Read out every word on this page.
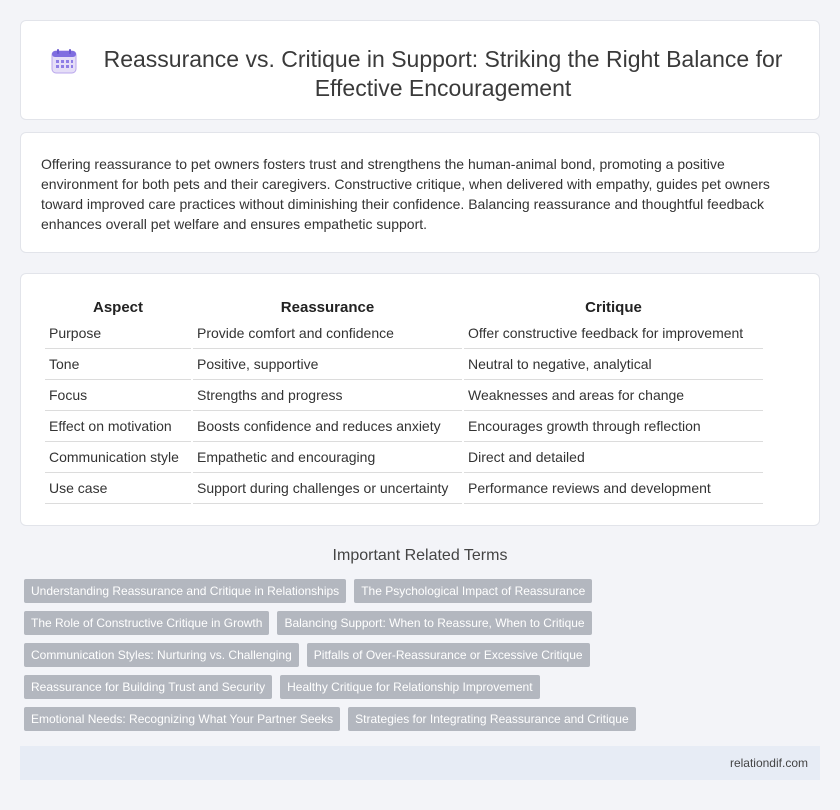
Reassurance vs. Critique in Support: Striking the Right Balance for Effective Encouragement

Offering reassurance to pet owners fosters trust and strengthens the human-animal bond, promoting a positive environment for both pets and their caregivers. Constructive critique, when delivered with empathy, guides pet owners toward improved care practices without diminishing their confidence. Balancing reassurance and thoughtful feedback enhances overall pet welfare and ensures empathetic support.

Aspect	Reassurance	Critique
Purpose	Provide comfort and confidence	Offer constructive feedback for improvement
Tone	Positive, supportive	Neutral to negative, analytical
Focus	Strengths and progress	Weaknesses and areas for change
Effect on motivation	Boosts confidence and reduces anxiety	Encourages growth through reflection
Communication style	Empathetic and encouraging	Direct and detailed
Use case	Support during challenges or uncertainty	Performance reviews and development
Important Related Terms
Understanding Reassurance and Critique in Relationships	The Psychological Impact of Reassurance
The Role of Constructive Critique in Growth	Balancing Support: When to Reassure, When to Critique
Communication Styles: Nurturing vs. Challenging	Pitfalls of Over-Reassurance or Excessive Critique
Reassurance for Building Trust and Security	Healthy Critique for Relationship Improvement
Emotional Needs: Recognizing What Your Partner Seeks	Strategies for Integrating Reassurance and Critique
relationdif.com
